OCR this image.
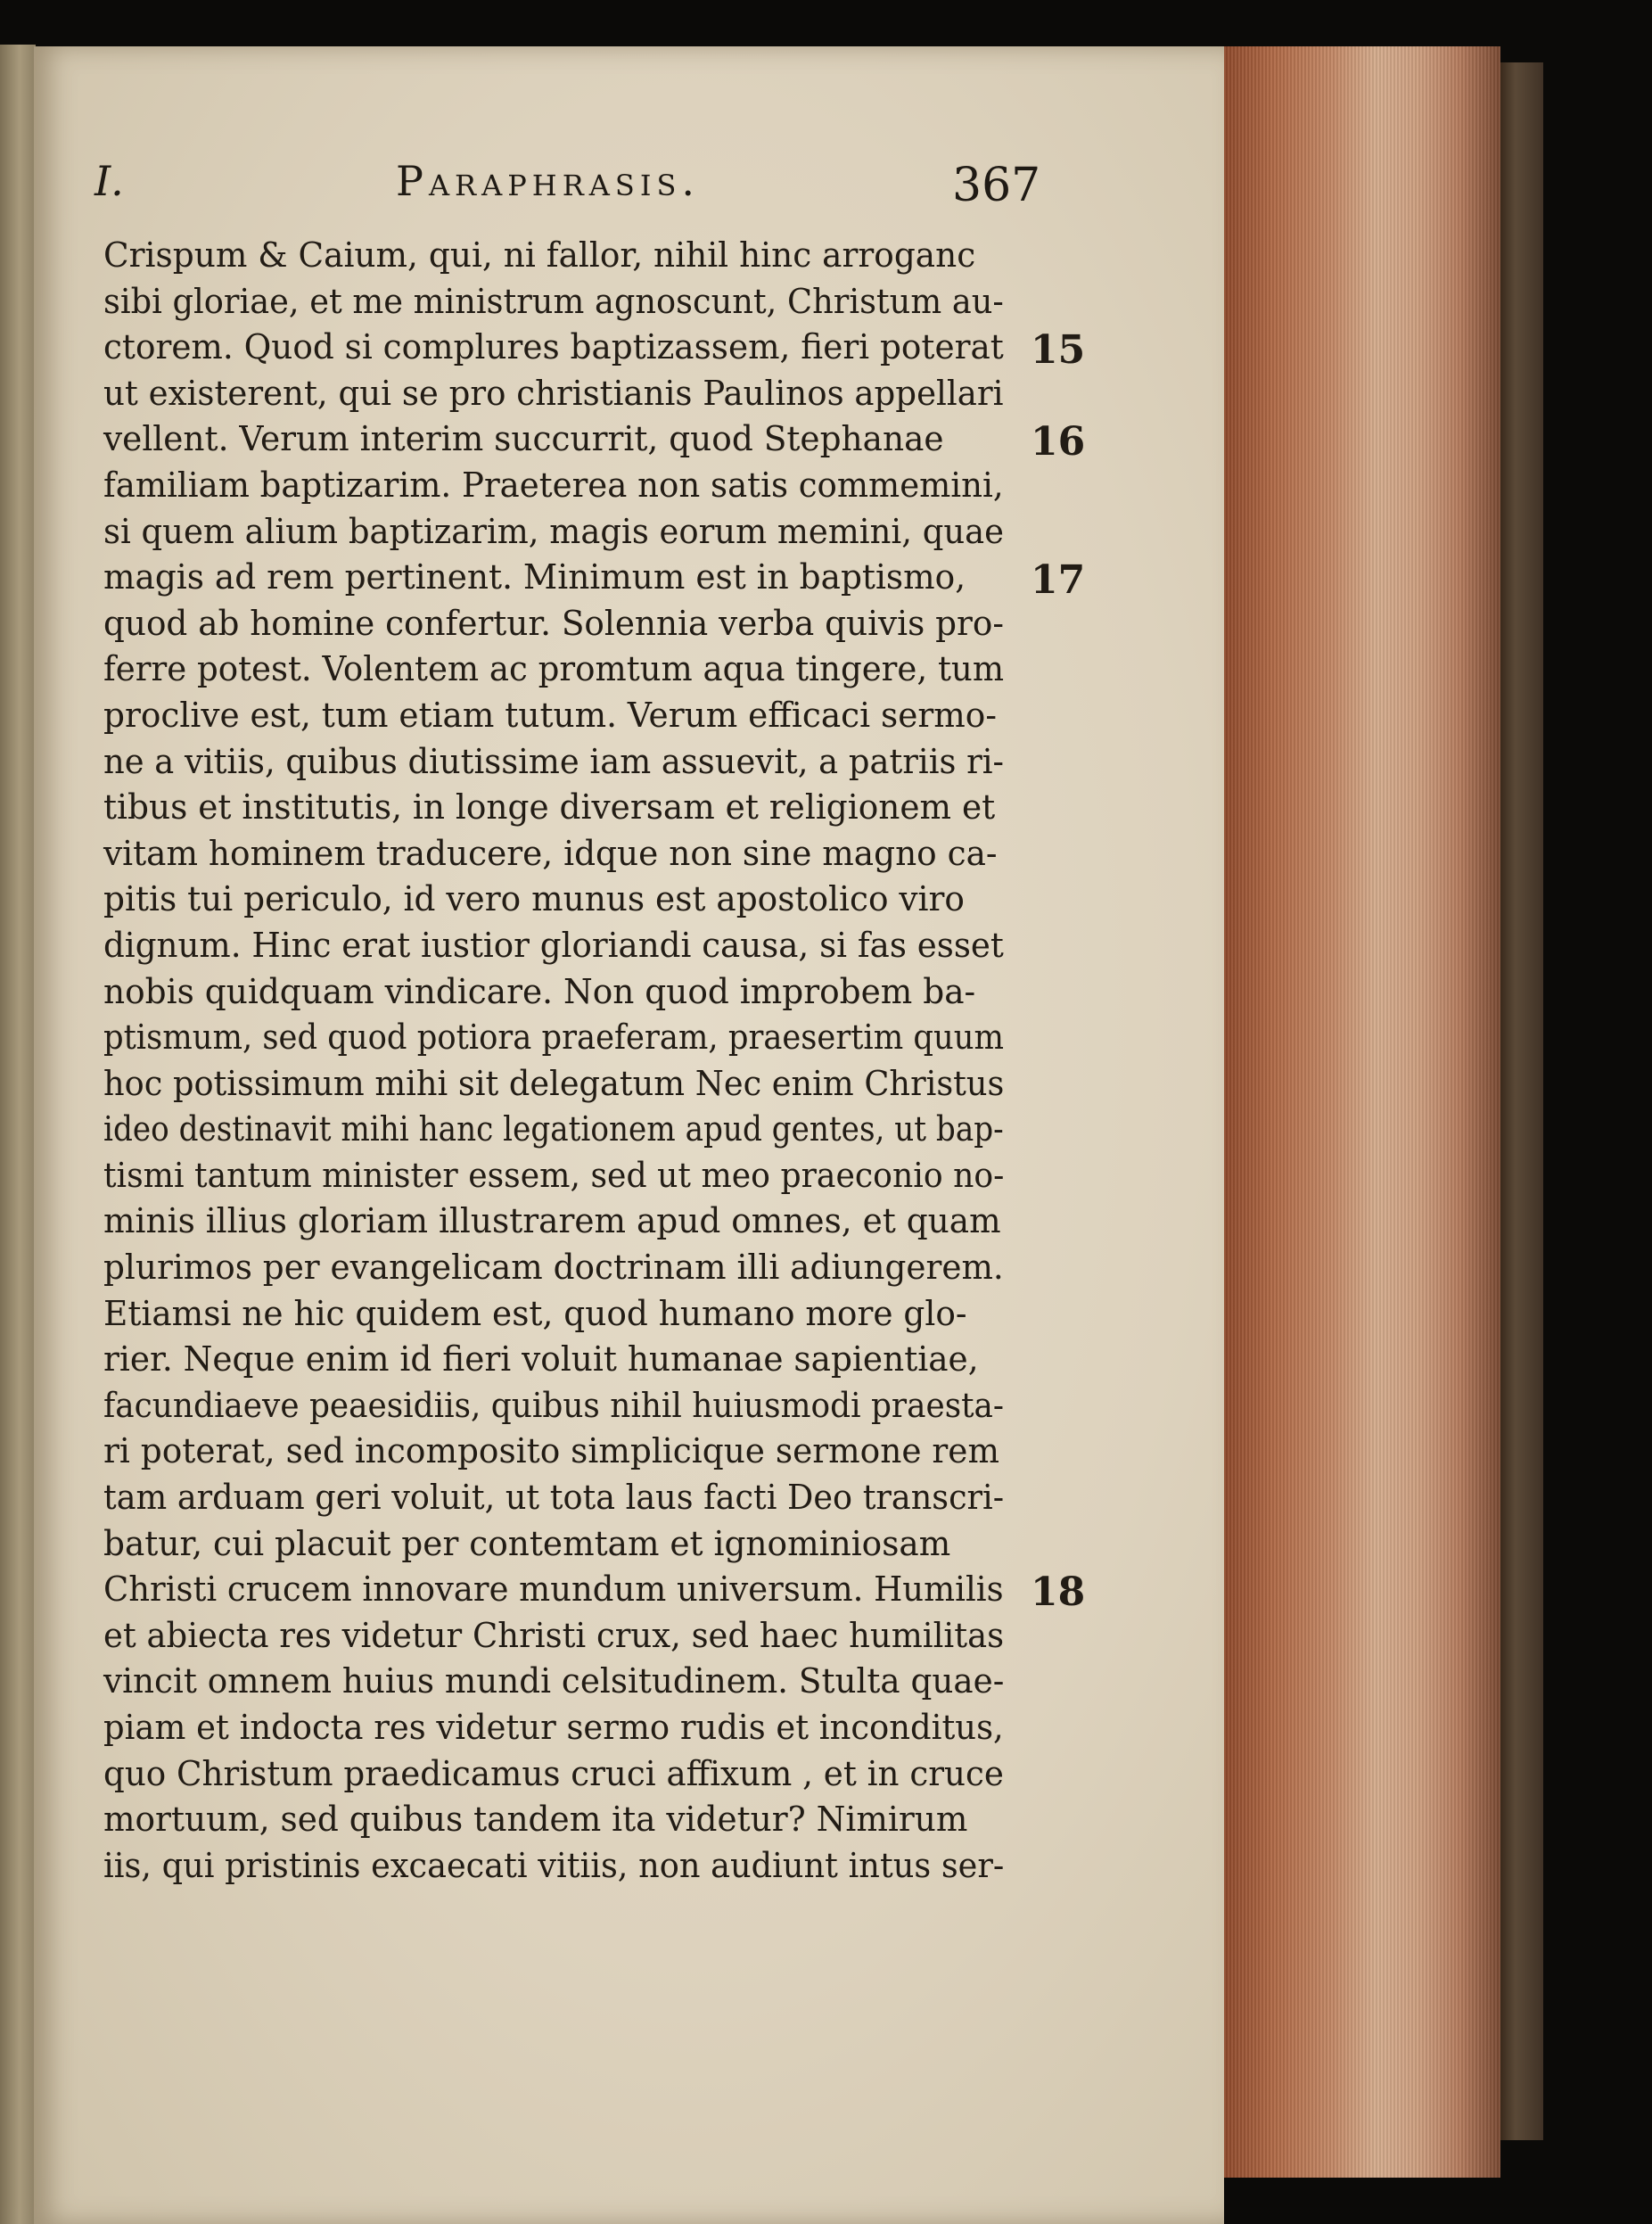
I.	Paraphrasis.	367
Crispum & Caium, qui, ni fallor, nihil hinc arroganc
sibi gloriae, et me ministrum agnoscunt, Christum au-
ctorem. Quod si complures baptizassem, fieri poterat 15
ut existerent, qui se pro christianis Paulinos appellari
vellent. Verum interim succurrit, quod Stephanae	16
familiam baptizarim. Praeterea non satis commemini,
si quem alium baptizarim, magis eorum memini, quae
magis ad rem pertinent. Minimum est in baptismo,	17
quod ab homine confertur. Solennia verba quivis pro-
ferre potest. Volentem ac promtum aqua tingere, tum
proclive est, tum etiam tutum. Verum efficaci sermo-
ne a vitiis, quibus diutissime iam assuevit, a patriis ri-
tibus et institutis, in longe diversam et religionem et
vitam hominem traducere, idque non sine magno ca-
pitis tui periculo, id vero munus est apostolico viro
dignum. Hinc erat iustior gloriandi causa, si fas esset
nobis quidquam vindicare. Non quod improbem ba-
ptismum, sed quod potiora praeferam, praesertim quum
hoc potissimum mihi sit delegatum Nec enim Christus
ideo destinavit mihi hanc legationem apud gentes, ut bap-
tismi tantum minister essem, sed ut meo praeconio no-
minis illius gloriam illustrarem apud omnes, et quam
plurimos per evangelicam doctrinam illi adiungerem.
Etiamsi ne hic quidem est, quod humano more glo-
rier. Neque enim id fieri voluit humanae sapientiae,
facundiaeve peaesidiis, quibus nihil huiusmodi praesta-
ri poterat, sed incomposito simplicique sermone rem
tam arduam geri voluit, ut tota laus facti Deo transcri-
batur, cui placuit per contemtam et ignominiosam
Christi crucem innovare mundum universum. Humilis 18
et abiecta res videtur Christi crux, sed haec humilitas
vincit omnem huius mundi celsitudinem. Stulta quae-
piam et indocta res videtur sermo rudis et inconditus,
quo Christum praedicamus cruci affixum , et in cruce
mortuum, sed quibus tandem ita videtur? Nimirum
iis, qui pristinis excaecati vitiis, non audiunt intus ser-
